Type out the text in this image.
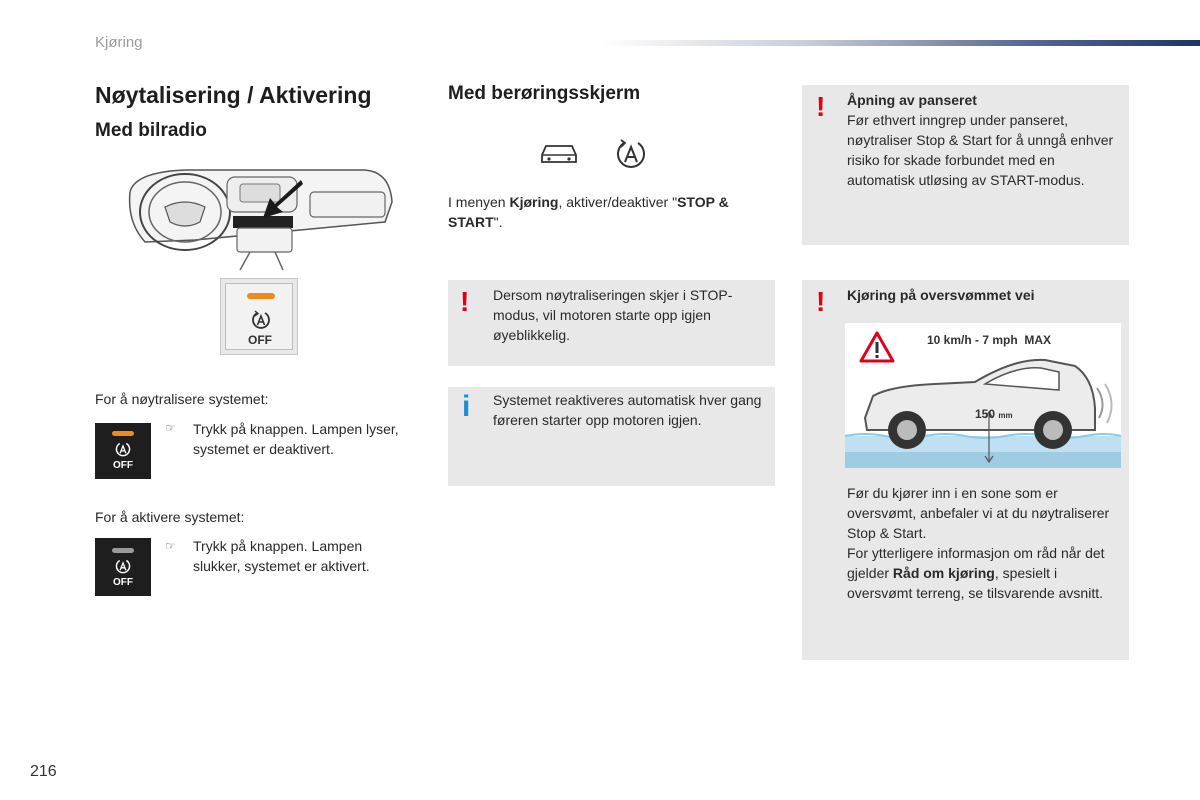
Kjøring
Nøytalisering / Aktivering
Med bilradio
OFF
For å nøytralisere systemet:
OFF
☞ Trykk på knappen. Lampen lyser, systemet er deaktivert.
For å aktivere systemet:
OFF
☞ Trykk på knappen. Lampen slukker, systemet er aktivert.
Med berøringsskjerm
I menyen Kjøring, aktiver/deaktiver "STOP & START".
! Dersom nøytraliseringen skjer i STOP-modus, vil motoren starte opp igjen øyeblikkelig.
i Systemet reaktiveres automatisk hver gang føreren starter opp motoren igjen.
! Åpning av panseret
Før ethvert inngrep under panseret, nøytraliser Stop & Start for å unngå enhver risiko for skade forbundet med en automatisk utløsing av START-modus.
! Kjøring på oversvømmet vei
10 km/h - 7 mph  MAX
150 mm
Før du kjører inn i en sone som er oversvømt, anbefaler vi at du nøytraliserer Stop & Start.
For ytterligere informasjon om råd når det gjelder Råd om kjøring, spesielt i oversvømt terreng, se tilsvarende avsnitt.
216
